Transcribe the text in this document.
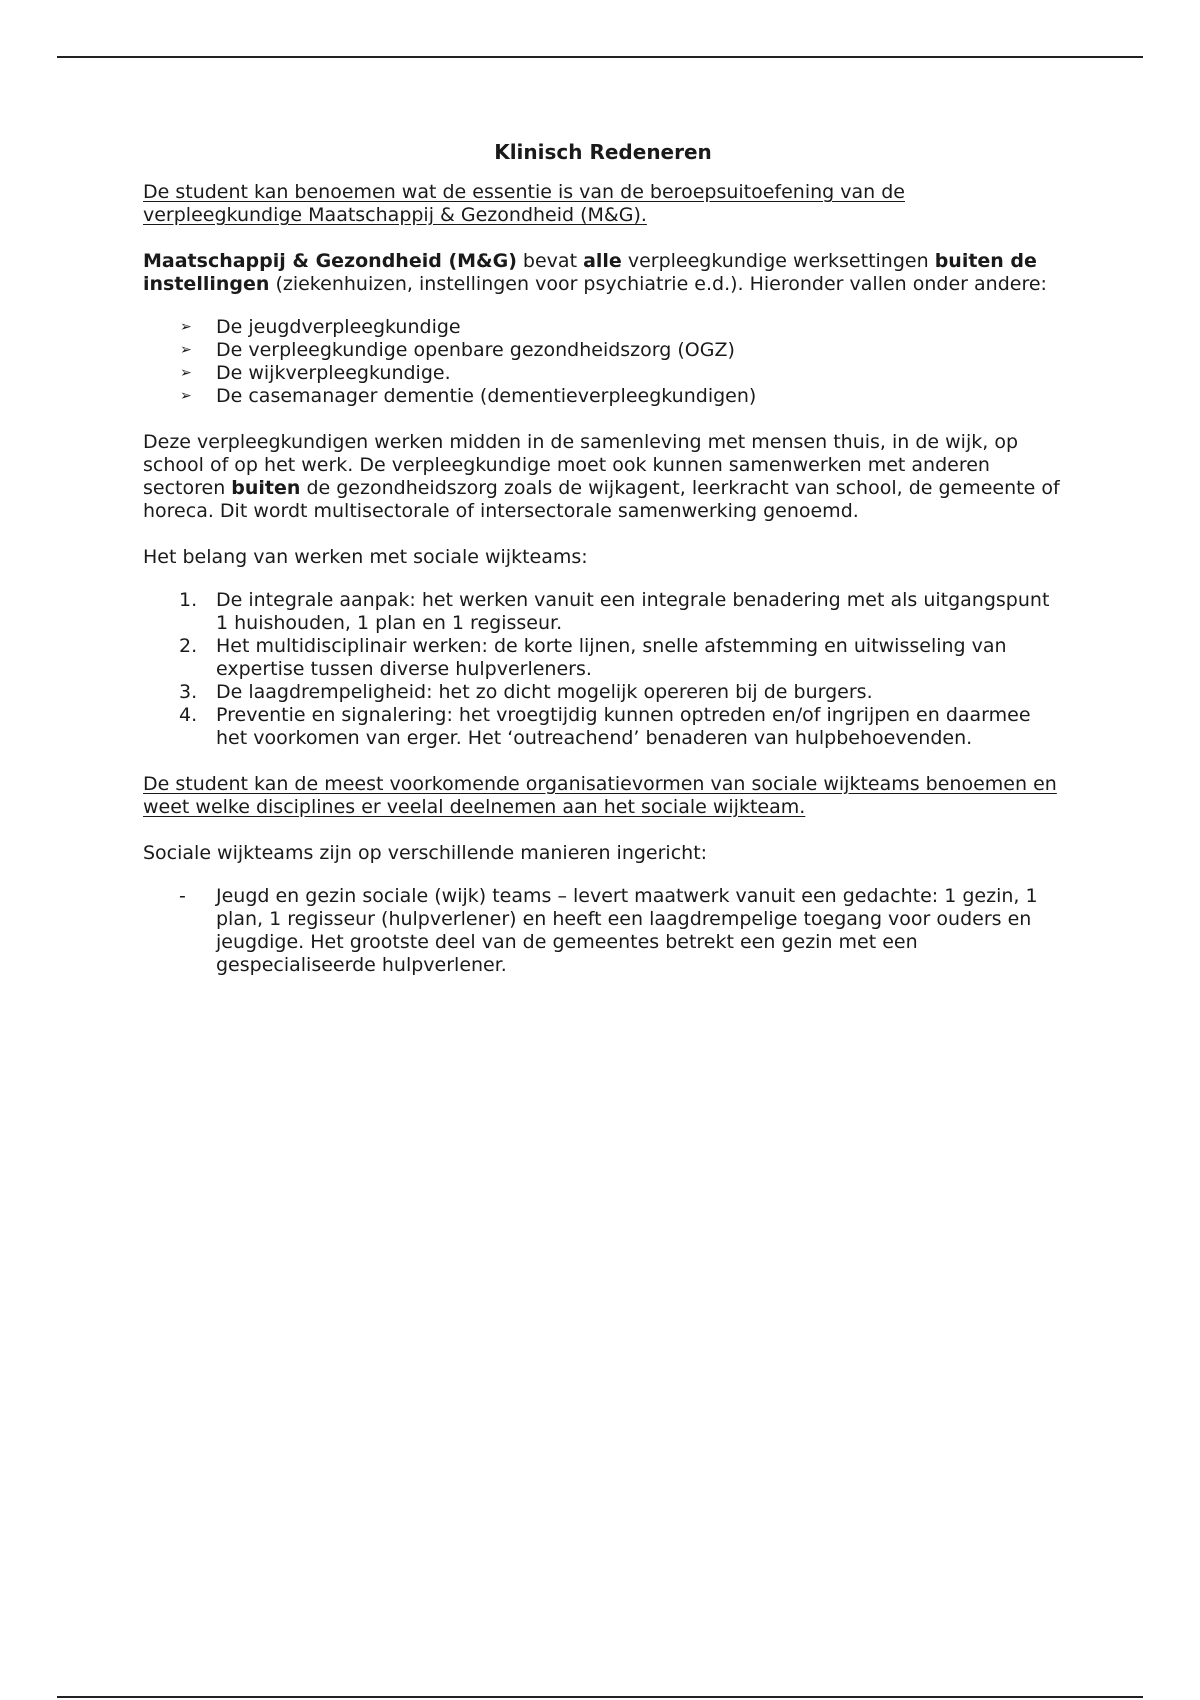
Klinisch Redeneren

De student kan benoemen wat de essentie is van de beroepsuitoefening van de verpleegkundige Maatschappij & Gezondheid (M&G).

Maatschappij & Gezondheid (M&G) bevat alle verpleegkundige werksettingen buiten de instellingen (ziekenhuizen, instellingen voor psychiatrie e.d.). Hieronder vallen onder andere:

➢ De jeugdverpleegkundige
➢ De verpleegkundige openbare gezondheidszorg (OGZ)
➢ De wijkverpleegkundige.
➢ De casemanager dementie (dementieverpleegkundigen)

Deze verpleegkundigen werken midden in de samenleving met mensen thuis, in de wijk, op school of op het werk. De verpleegkundige moet ook kunnen samenwerken met anderen sectoren buiten de gezondheidszorg zoals de wijkagent, leerkracht van school, de gemeente of horeca. Dit wordt multisectorale of intersectorale samenwerking genoemd.

Het belang van werken met sociale wijkteams:

1. De integrale aanpak: het werken vanuit een integrale benadering met als uitgangspunt 1 huishouden, 1 plan en 1 regisseur.
2. Het multidisciplinair werken: de korte lijnen, snelle afstemming en uitwisseling van expertise tussen diverse hulpverleners.
3. De laagdrempeligheid: het zo dicht mogelijk opereren bij de burgers.
4. Preventie en signalering: het vroegtijdig kunnen optreden en/of ingrijpen en daarmee het voorkomen van erger. Het ‘outreachend’ benaderen van hulpbehoevenden.

De student kan de meest voorkomende organisatievormen van sociale wijkteams benoemen en weet welke disciplines er veelal deelnemen aan het sociale wijkteam.

Sociale wijkteams zijn op verschillende manieren ingericht:

- Jeugd en gezin sociale (wijk) teams – levert maatwerk vanuit een gedachte: 1 gezin, 1 plan, 1 regisseur (hulpverlener) en heeft een laagdrempelige toegang voor ouders en jeugdige. Het grootste deel van de gemeentes betrekt een gezin met een gespecialiseerde hulpverlener.
